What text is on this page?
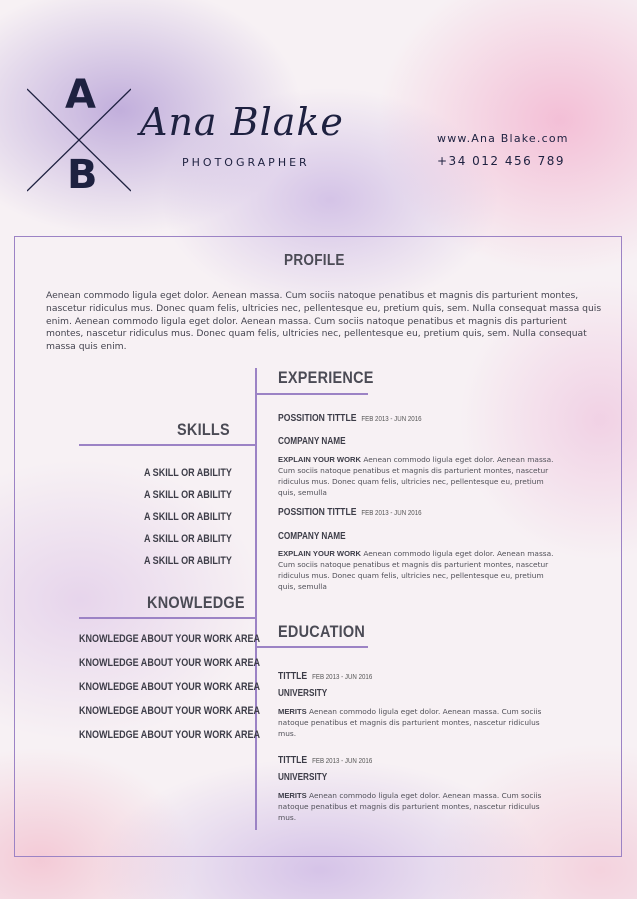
A
B
Ana Blake
PHOTOGRAPHER
www.Ana Blake.com
+34 012 456 789
PROFILE
Aenean commodo ligula eget dolor. Aenean massa. Cum sociis natoque penatibus et magnis dis parturient montes, nascetur ridiculus mus. Donec quam felis, ultricies nec, pellentesque eu, pretium quis, sem. Nulla consequat massa quis enim. Aenean commodo ligula eget dolor. Aenean massa. Cum sociis natoque penatibus et magnis dis parturient montes, nascetur ridiculus mus. Donec quam felis, ultricies nec, pellentesque eu, pretium quis, sem. Nulla consequat massa quis enim.
EXPERIENCE
POSSITION TITTLE FEB 2013 - JUN 2016
COMPANY NAME
EXPLAIN YOUR WORK Aenean commodo ligula eget dolor. Aenean massa. Cum sociis natoque penatibus et magnis dis parturient montes, nascetur ridiculus mus. Donec quam felis, ultricies nec, pellentesque eu, pretium quis, semulla
POSSITION TITTLE FEB 2013 - JUN 2016
COMPANY NAME
EXPLAIN YOUR WORK Aenean commodo ligula eget dolor. Aenean massa. Cum sociis natoque penatibus et magnis dis parturient montes, nascetur ridiculus mus. Donec quam felis, ultricies nec, pellentesque eu, pretium quis, semulla
SKILLS
A SKILL OR ABILITY
A SKILL OR ABILITY
A SKILL OR ABILITY
A SKILL OR ABILITY
A SKILL OR ABILITY
KNOWLEDGE
KNOWLEDGE ABOUT YOUR WORK AREA
KNOWLEDGE ABOUT YOUR WORK AREA
KNOWLEDGE ABOUT YOUR WORK AREA
KNOWLEDGE ABOUT YOUR WORK AREA
KNOWLEDGE ABOUT YOUR WORK AREA
EDUCATION
TITTLE FEB 2013 - JUN 2016
UNIVERSITY
MERITS Aenean commodo ligula eget dolor. Aenean massa. Cum sociis natoque penatibus et magnis dis parturient montes, nascetur ridiculus mus.
TITTLE FEB 2013 - JUN 2016
UNIVERSITY
MERITS Aenean commodo ligula eget dolor. Aenean massa. Cum sociis natoque penatibus et magnis dis parturient montes, nascetur ridiculus mus.
